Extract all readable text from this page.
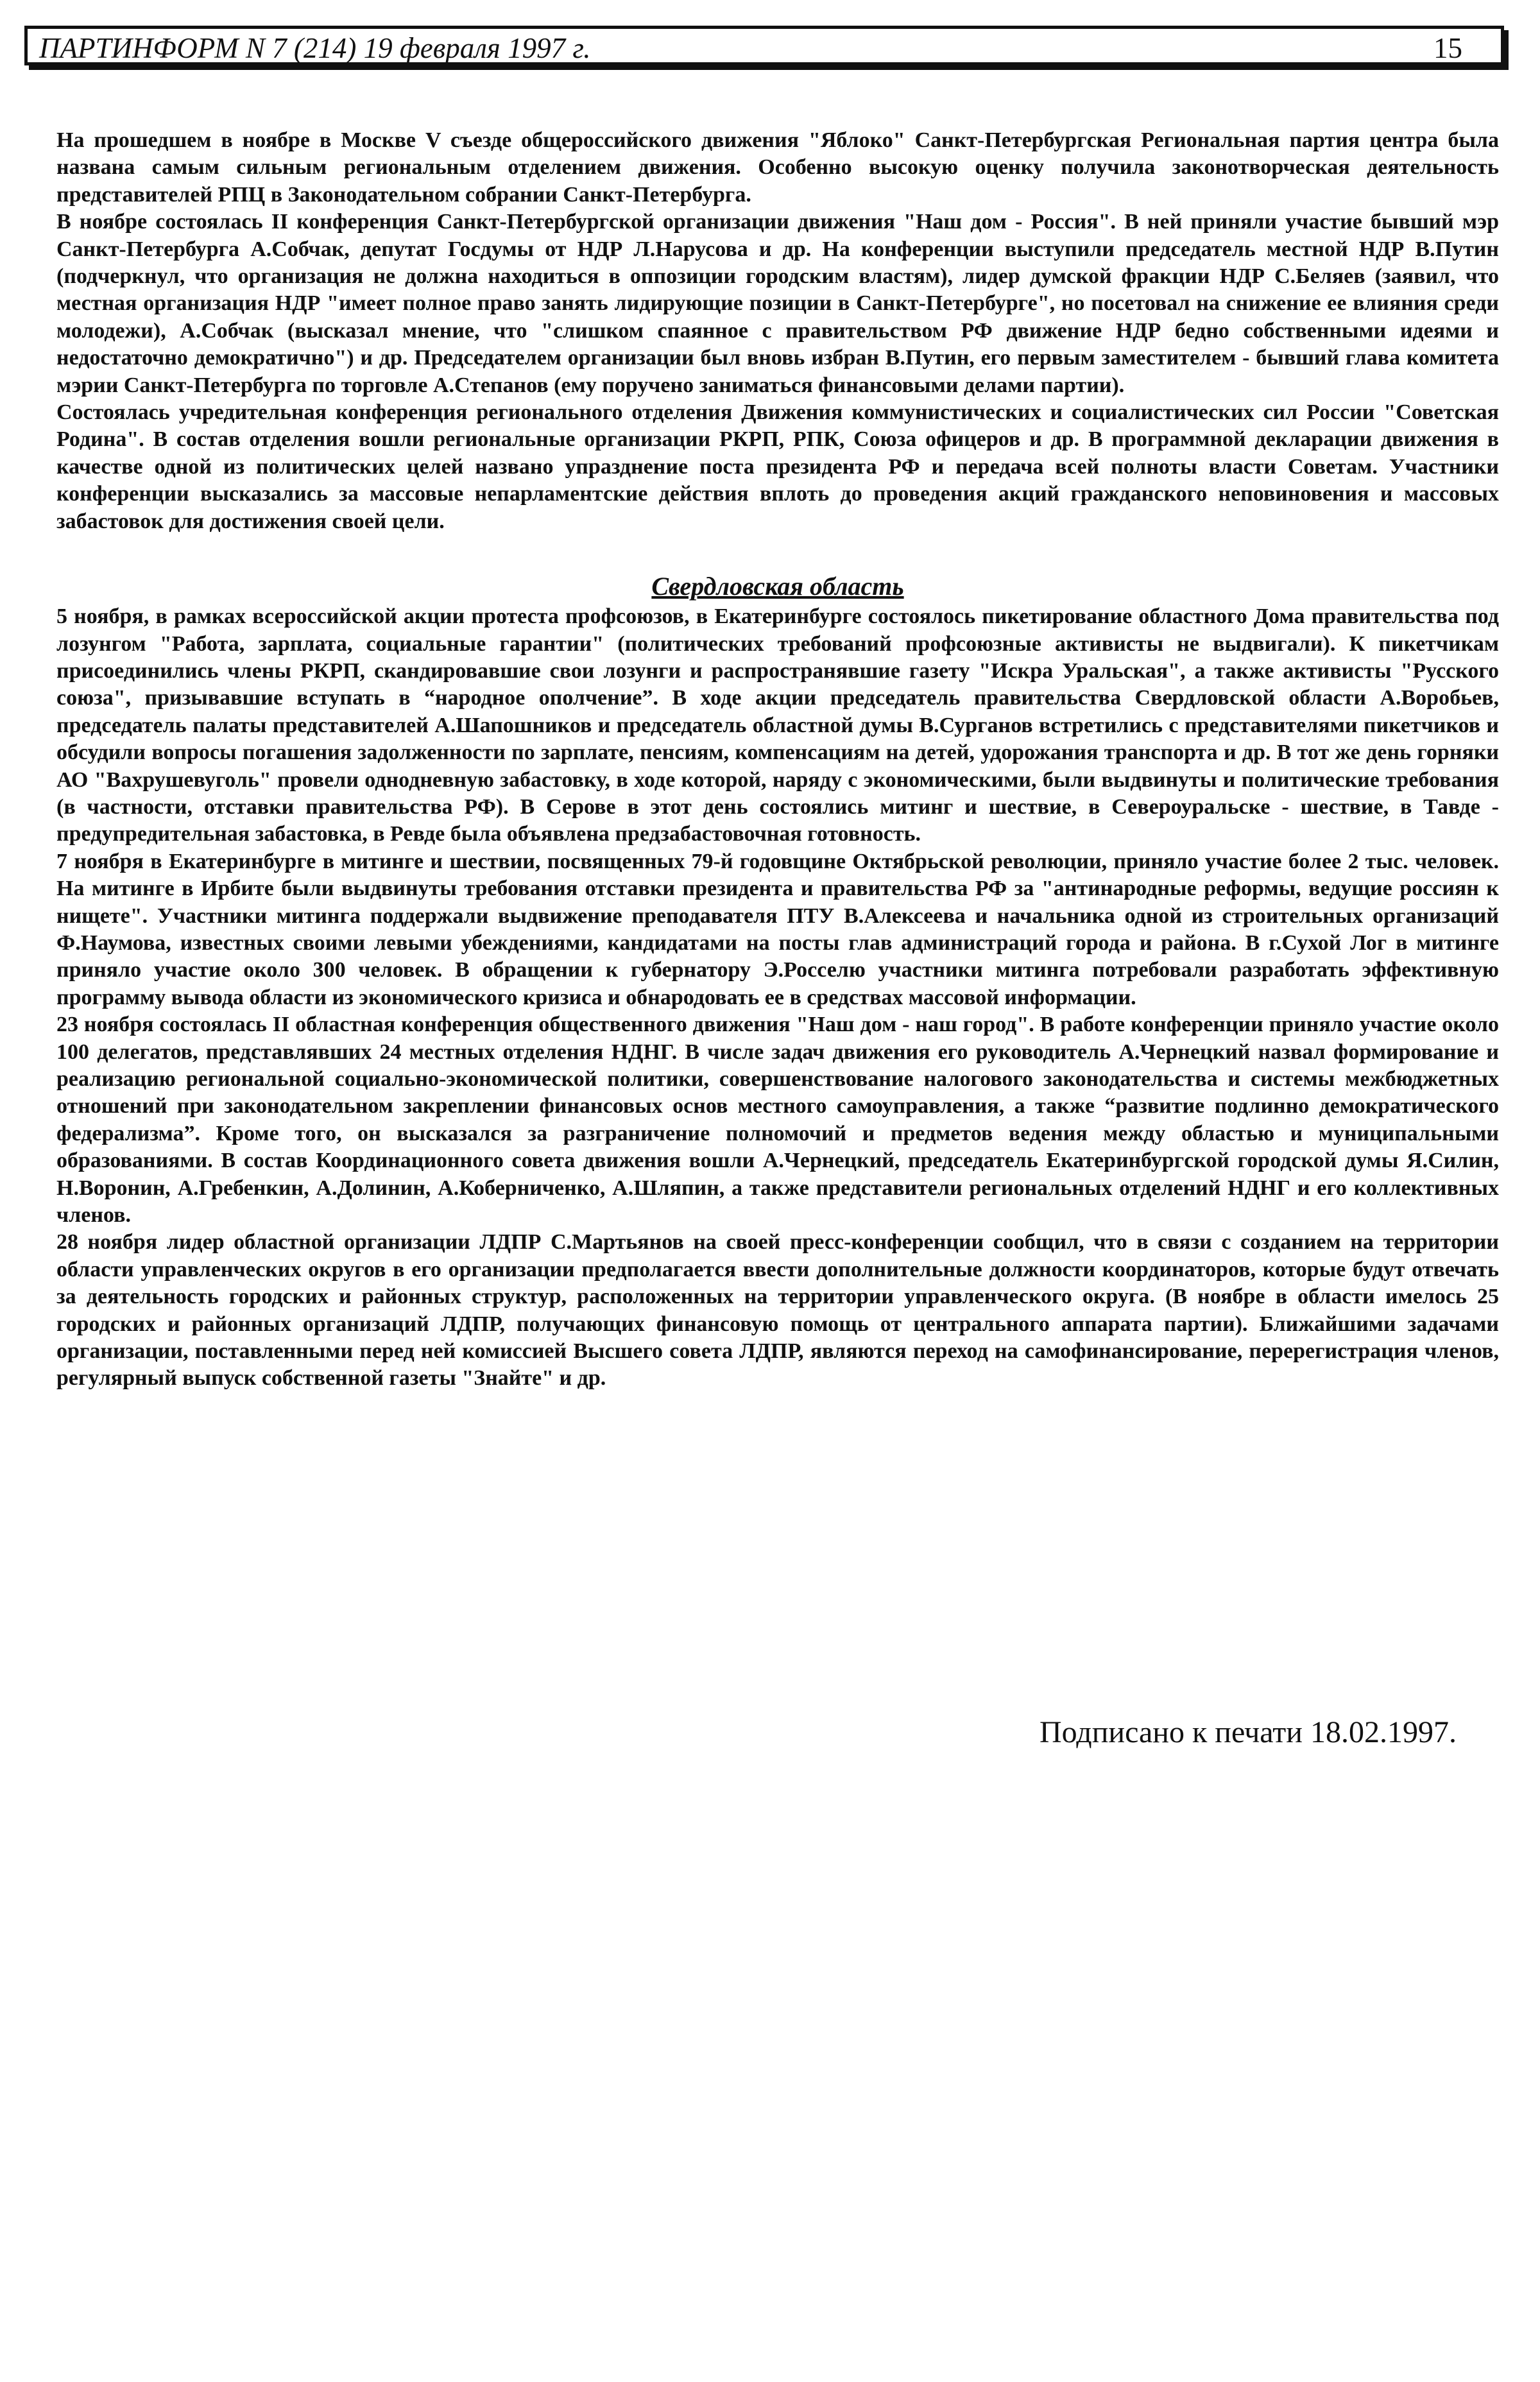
ПАРТИНФОРМ N 7 (214) 19 февраля 1997 г.	15

На прошедшем в ноябре в Москве V съезде общероссийского движения "Яблоко" Санкт-Петербургская Региональная партия центра была названа самым сильным региональным отделением движения. Особенно высокую оценку получила законотворческая деятельность представителей РПЦ в Законодательном собрании Санкт-Петербурга.

В ноябре состоялась II конференция Санкт-Петербургской организации движения "Наш дом - Россия". В ней приняли участие бывший мэр Санкт-Петербурга А.Собчак, депутат Госдумы от НДР Л.Нарусова и др. На конференции выступили председатель местной НДР В.Путин (подчеркнул, что организация не должна находиться в оппозиции городским властям), лидер думской фракции НДР С.Беляев (заявил, что местная организация НДР "имеет полное право занять лидирующие позиции в Санкт-Петербурге", но посетовал на снижение ее влияния среди молодежи), А.Собчак (высказал мнение, что "слишком спаянное с правительством РФ движение НДР бедно собственными идеями и недостаточно демократично") и др. Председателем организации был вновь избран В.Путин, его первым заместителем - бывший глава комитета мэрии Санкт-Петербурга по торговле А.Степанов (ему поручено заниматься финансовыми делами партии).

Состоялась учредительная конференция регионального отделения Движения коммунистических и социалистических сил России "Советская Родина". В состав отделения вошли региональные организации РКРП, РПК, Союза офицеров и др. В программной декларации движения в качестве одной из политических целей названо упразднение поста президента РФ и передача всей полноты власти Советам. Участники конференции высказались за массовые непарламентские действия вплоть до проведения акций гражданского неповиновения и массовых забастовок для достижения своей цели.

Свердловская область

5 ноября, в рамках всероссийской акции протеста профсоюзов, в Екатеринбурге состоялось пикетирование областного Дома правительства под лозунгом "Работа, зарплата, социальные гарантии" (политических требований профсоюзные активисты не выдвигали). К пикетчикам присоединились члены РКРП, скандировавшие свои лозунги и распространявшие газету "Искра Уральская", а также активисты "Русского союза", призывавшие вступать в “народное ополчение”. В ходе акции председатель правительства Свердловской области А.Воробьев, председатель палаты представителей А.Шапошников и председатель областной думы В.Сурганов встретились с представителями пикетчиков и обсудили вопросы погашения задолженности по зарплате, пенсиям, компенсациям на детей, удорожания транспорта и др. В тот же день горняки АО "Вахрушевуголь" провели однодневную забастовку, в ходе которой, наряду с экономическими, были выдвинуты и политические требования (в частности, отставки правительства РФ). В Серове в этот день состоялись митинг и шествие, в Североуральске - шествие, в Тавде - предупредительная забастовка, в Ревде была объявлена предзабастовочная готовность.

7 ноября в Екатеринбурге в митинге и шествии, посвященных 79-й годовщине Октябрьской революции, приняло участие более 2 тыс. человек. На митинге в Ирбите были выдвинуты требования отставки президента и правительства РФ за "антинародные реформы, ведущие россиян к нищете". Участники митинга поддержали выдвижение преподавателя ПТУ В.Алексеева и начальника одной из строительных организаций Ф.Наумова, известных своими левыми убеждениями, кандидатами на посты глав администраций города и района. В г.Сухой Лог в митинге приняло участие около 300 человек. В обращении к губернатору Э.Росселю участники митинга потребовали разработать эффективную программу вывода области из экономического кризиса и обнародовать ее в средствах массовой информации.

23 ноября состоялась II областная конференция общественного движения "Наш дом - наш город". В работе конференции приняло участие около 100 делегатов, представлявших 24 местных отделения НДНГ. В числе задач движения его руководитель А.Чернецкий назвал формирование и реализацию региональной социально-экономической политики, совершенствование налогового законодательства и системы межбюджетных отношений при законодательном закреплении финансовых основ местного самоуправления, а также “развитие подлинно демократического федерализма”. Кроме того, он высказался за разграничение полномочий и предметов ведения между областью и муниципальными образованиями. В состав Координационного совета движения вошли А.Чернецкий, председатель Екатеринбургской городской думы Я.Силин, Н.Воронин, А.Гребенкин, А.Долинин, А.Коберниченко, А.Шляпин, а также представители региональных отделений НДНГ и его коллективных членов.

28 ноября лидер областной организации ЛДПР С.Мартьянов на своей пресс-конференции сообщил, что в связи с созданием на территории области управленческих округов в его организации предполагается ввести дополнительные должности координаторов, которые будут отвечать за деятельность городских и районных структур, расположенных на территории управленческого округа. (В ноябре в области имелось 25 городских и районных организаций ЛДПР, получающих финансовую помощь от центрального аппарата партии). Ближайшими задачами организации, поставленными перед ней комиссией Высшего совета ЛДПР, являются переход на самофинансирование, перерегистрация членов, регулярный выпуск собственной газеты "Знайте" и др.

Подписано к печати 18.02.1997.
